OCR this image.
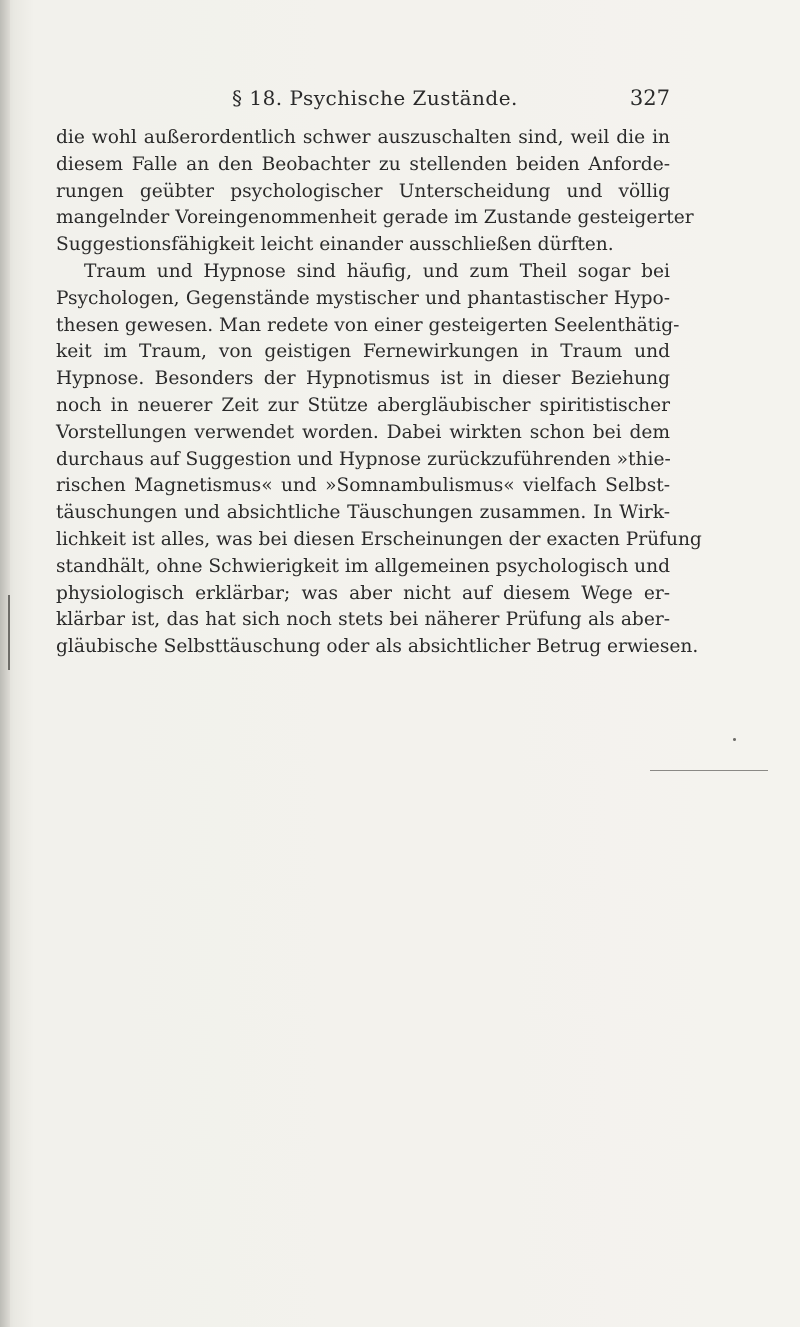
§ 18. Psychische Zustände.	327
die wohl außerordentlich schwer auszuschalten sind, weil die in
diesem Falle an den Beobachter zu stellenden beiden Anforde-
rungen geübter psychologischer Unterscheidung und völlig
mangelnder Voreingenommenheit gerade im Zustande gesteigerter
Suggestionsfähigkeit leicht einander ausschließen dürften.
Traum und Hypnose sind häufig, und zum Theil sogar bei
Psychologen, Gegenstände mystischer und phantastischer Hypo-
thesen gewesen. Man redete von einer gesteigerten Seelenthätig-
keit im Traum, von geistigen Fernewirkungen in Traum und
Hypnose. Besonders der Hypnotismus ist in dieser Beziehung
noch in neuerer Zeit zur Stütze abergläubischer spiritistischer
Vorstellungen verwendet worden. Dabei wirkten schon bei dem
durchaus auf Suggestion und Hypnose zurückzuführenden »thie-
rischen Magnetismus« und »Somnambulismus« vielfach Selbst-
täuschungen und absichtliche Täuschungen zusammen. In Wirk-
lichkeit ist alles, was bei diesen Erscheinungen der exacten Prüfung
standhält, ohne Schwierigkeit im allgemeinen psychologisch und
physiologisch erklärbar; was aber nicht auf diesem Wege er-
klärbar ist, das hat sich noch stets bei näherer Prüfung als aber-
gläubische Selbsttäuschung oder als absichtlicher Betrug erwiesen.
